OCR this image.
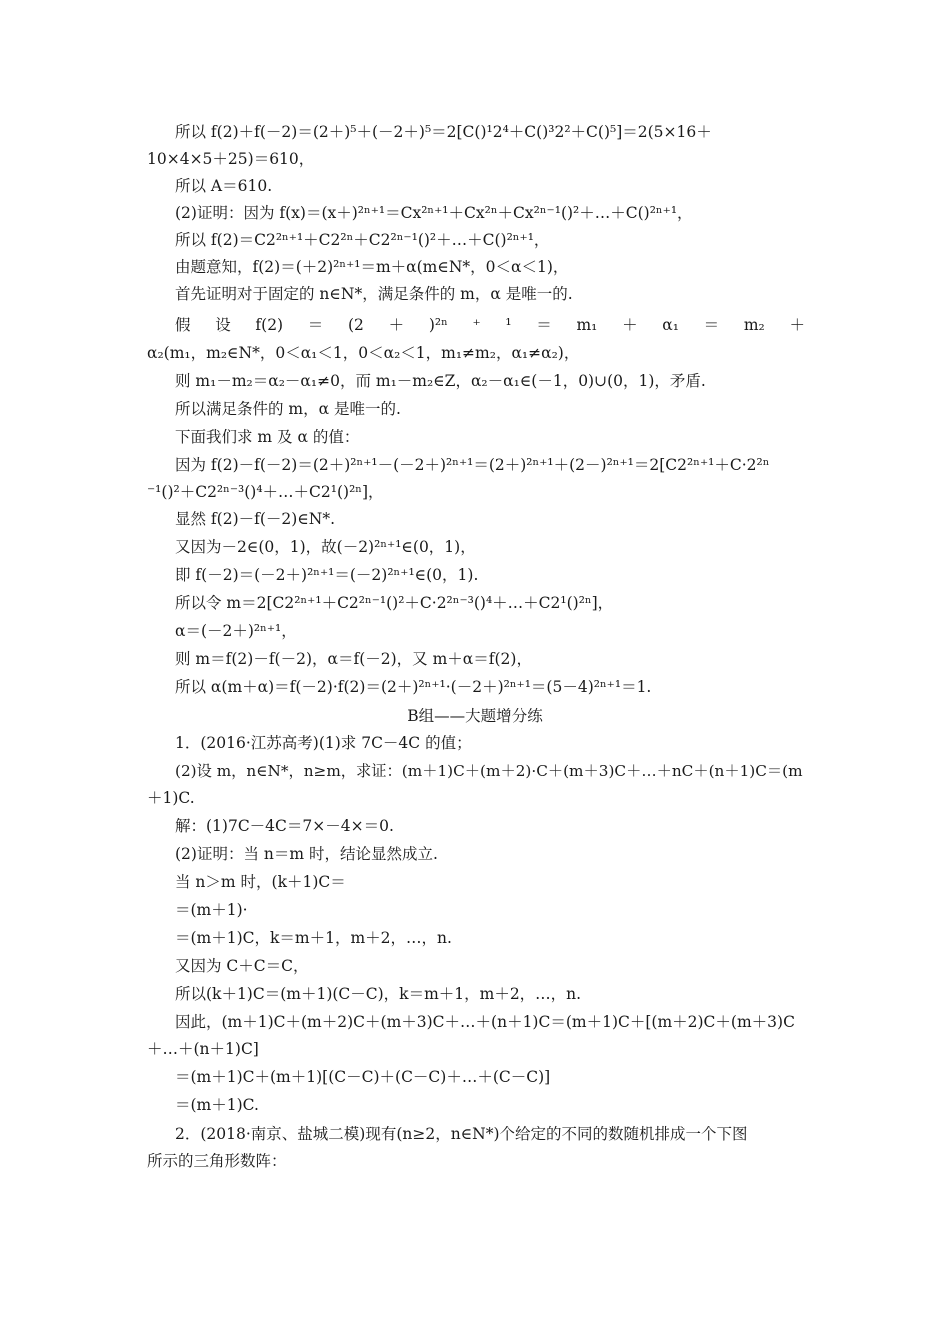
所以 f(2)＋f(－2)＝(2＋)⁵＋(－2＋)⁵＝2[C()¹2⁴＋C()³2²＋C()⁵]＝2(5×16＋
10×4×5＋25)＝610，
所以 A＝610.
(2)证明：因为 f(x)＝(x＋)²ⁿ⁺¹＝Cx²ⁿ⁺¹＋Cx²ⁿ＋Cx²ⁿ⁻¹()²＋…＋C()²ⁿ⁺¹，
所以 f(2)＝C2²ⁿ⁺¹＋C2²ⁿ＋C2²ⁿ⁻¹()²＋…＋C()²ⁿ⁺¹，
由题意知，f(2)＝(＋2)²ⁿ⁺¹＝m＋α(m∈N*，0＜α＜1)，
首先证明对于固定的 n∈N*，满足条件的 m，α 是唯一的.
假 设 f(2) ＝ (2 ＋ )²ⁿ ⁺ ¹ ＝ m₁ ＋ α₁ ＝ m₂ ＋
α₂(m₁，m₂∈N*，0＜α₁＜1，0＜α₂＜1，m₁≠m₂，α₁≠α₂)，
则 m₁－m₂＝α₂－α₁≠0，而 m₁－m₂∈Z，α₂－α₁∈(－1，0)∪(0，1)，矛盾.
所以满足条件的 m，α 是唯一的.
下面我们求 m 及 α 的值：
因为 f(2)－f(－2)＝(2＋)²ⁿ⁺¹－(－2＋)²ⁿ⁺¹＝(2＋)²ⁿ⁺¹＋(2－)²ⁿ⁺¹＝2[C2²ⁿ⁺¹＋C·2²ⁿ
⁻¹()²＋C2²ⁿ⁻³()⁴＋…＋C2¹()²ⁿ]，
显然 f(2)－f(－2)∈N*.
又因为－2∈(0，1)，故(－2)²ⁿ⁺¹∈(0，1)，
即 f(－2)＝(－2＋)²ⁿ⁺¹＝(－2)²ⁿ⁺¹∈(0，1).
所以令 m＝2[C2²ⁿ⁺¹＋C2²ⁿ⁻¹()²＋C·2²ⁿ⁻³()⁴＋…＋C2¹()²ⁿ]，
α＝(－2＋)²ⁿ⁺¹，
则 m＝f(2)－f(－2)，α＝f(－2)，又 m＋α＝f(2)，
所以 α(m＋α)＝f(－2)·f(2)＝(2＋)²ⁿ⁺¹·(－2＋)²ⁿ⁺¹＝(5－4)²ⁿ⁺¹＝1.
B组——大题增分练
1．(2016·江苏高考)(1)求 7C－4C 的值；
(2)设 m，n∈N*，n≥m，求证：(m＋1)C＋(m＋2)·C＋(m＋3)C＋…＋nC＋(n＋1)C＝(m
＋1)C.
解：(1)7C－4C＝7×－4×＝0.
(2)证明：当 n＝m 时，结论显然成立.
当 n＞m 时，(k＋1)C＝
＝(m＋1)·
＝(m＋1)C，k＝m＋1，m＋2，…，n.
又因为 C＋C＝C，
所以(k＋1)C＝(m＋1)(C－C)，k＝m＋1，m＋2，…，n.
因此，(m＋1)C＋(m＋2)C＋(m＋3)C＋…＋(n＋1)C＝(m＋1)C＋[(m＋2)C＋(m＋3)C
＋…＋(n＋1)C]
＝(m＋1)C＋(m＋1)[(C－C)＋(C－C)＋…＋(C－C)]
＝(m＋1)C.
2．(2018·南京、盐城二模)现有(n≥2，n∈N*)个给定的不同的数随机排成一个下图
所示的三角形数阵：
